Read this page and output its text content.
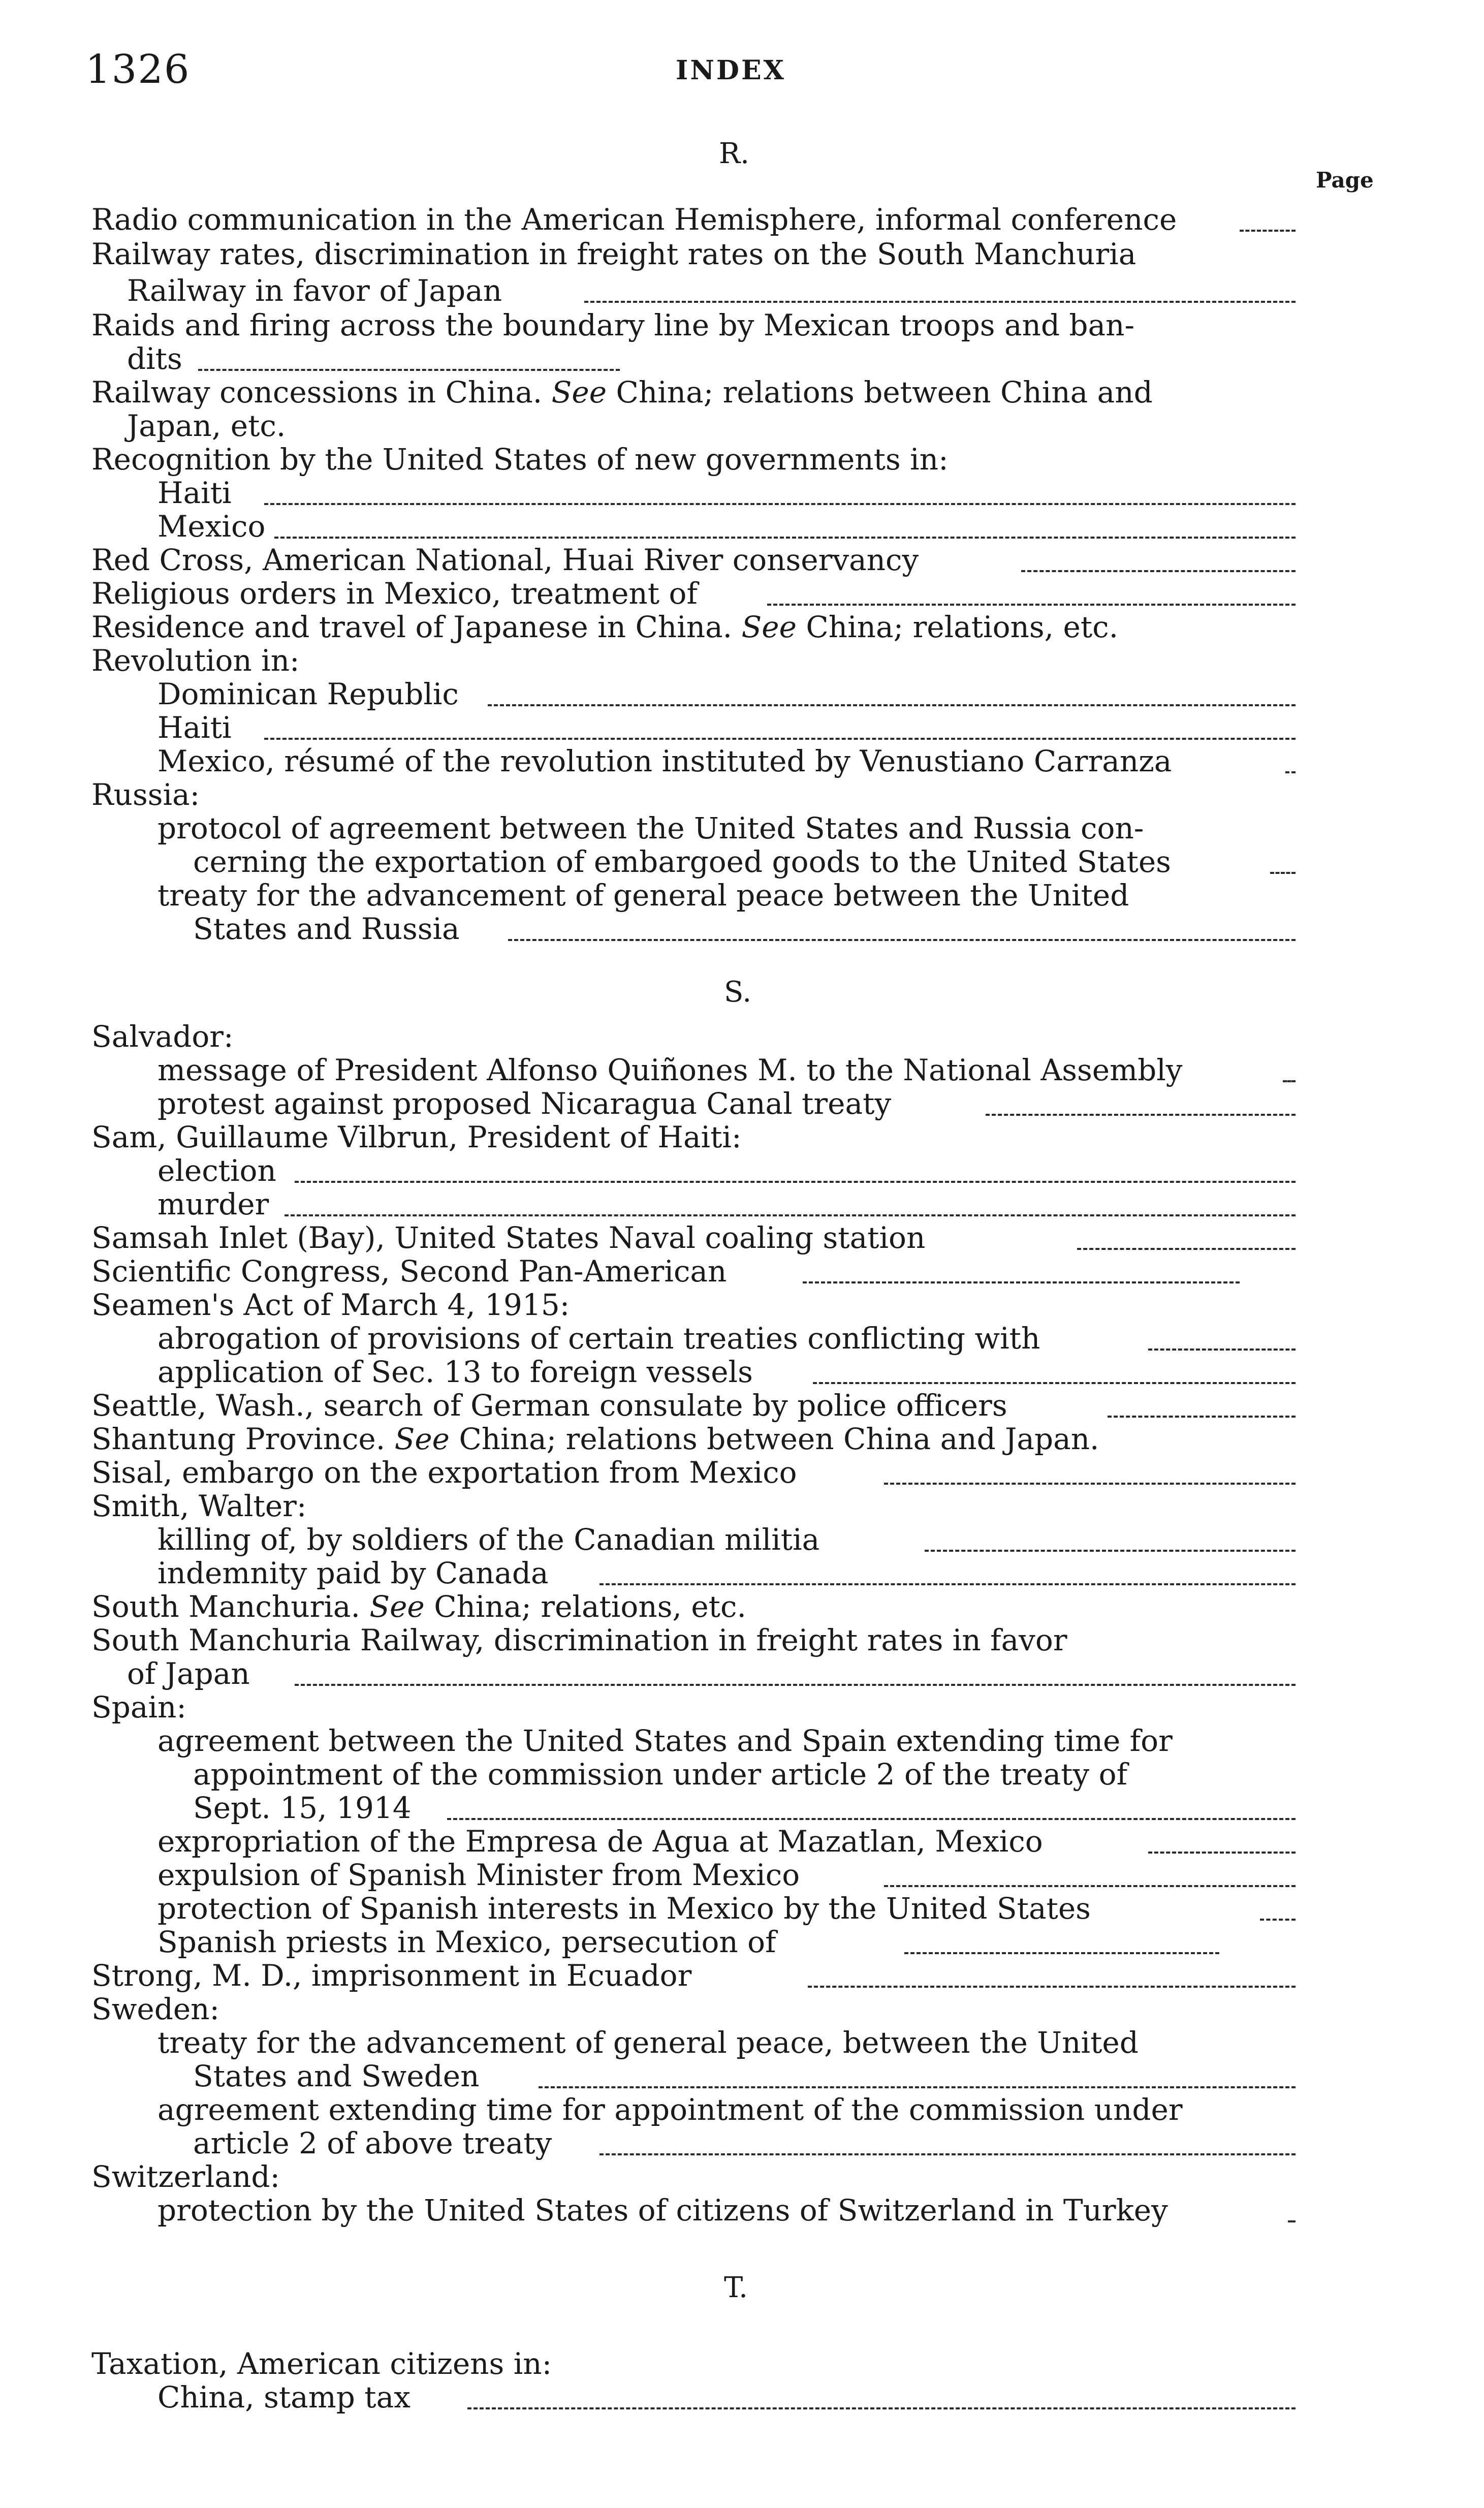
1326	INDEX
R.
Page
Radio communication in the American Hemisphere, informal conference
Railway rates, discrimination in freight rates on the South Manchuria
Railway in favor of Japan
Raids and firing across the boundary line by Mexican troops and ban-
dits
Railway concessions in China. See China; relations between China and
Japan, etc.
Recognition by the United States of new governments in:
Haiti
Mexico
Red Cross, American National, Huai River conservancy
Religious orders in Mexico, treatment of
Residence and travel of Japanese in China. See China; relations, etc.
Revolution in:
Dominican Republic
Haiti
Mexico, résumé of the revolution instituted by Venustiano Carranza
Russia:
protocol of agreement between the United States and Russia con-
cerning the exportation of embargoed goods to the United States
treaty for the advancement of general peace between the United
States and Russia
S.
Salvador:
message of President Alfonso Quiñones M. to the National Assembly
protest against proposed Nicaragua Canal treaty
Sam, Guillaume Vilbrun, President of Haiti:
election
murder
Samsah Inlet (Bay), United States Naval coaling station
Scientific Congress, Second Pan-American
Seamen's Act of March 4, 1915:
abrogation of provisions of certain treaties conflicting with
application of Sec. 13 to foreign vessels
Seattle, Wash., search of German consulate by police officers
Shantung Province. See China; relations between China and Japan.
Sisal, embargo on the exportation from Mexico
Smith, Walter:
killing of, by soldiers of the Canadian militia
indemnity paid by Canada
South Manchuria. See China; relations, etc.
South Manchuria Railway, discrimination in freight rates in favor
of Japan
Spain:
agreement between the United States and Spain extending time for
appointment of the commission under article 2 of the treaty of
Sept. 15, 1914
expropriation of the Empresa de Agua at Mazatlan, Mexico
expulsion of Spanish Minister from Mexico
protection of Spanish interests in Mexico by the United States
Spanish priests in Mexico, persecution of
Strong, M. D., imprisonment in Ecuador
Sweden:
treaty for the advancement of general peace, between the United
States and Sweden
agreement extending time for appointment of the commission under
article 2 of above treaty
Switzerland:
protection by the United States of citizens of Switzerland in Turkey
T.
Taxation, American citizens in:
China, stamp tax
